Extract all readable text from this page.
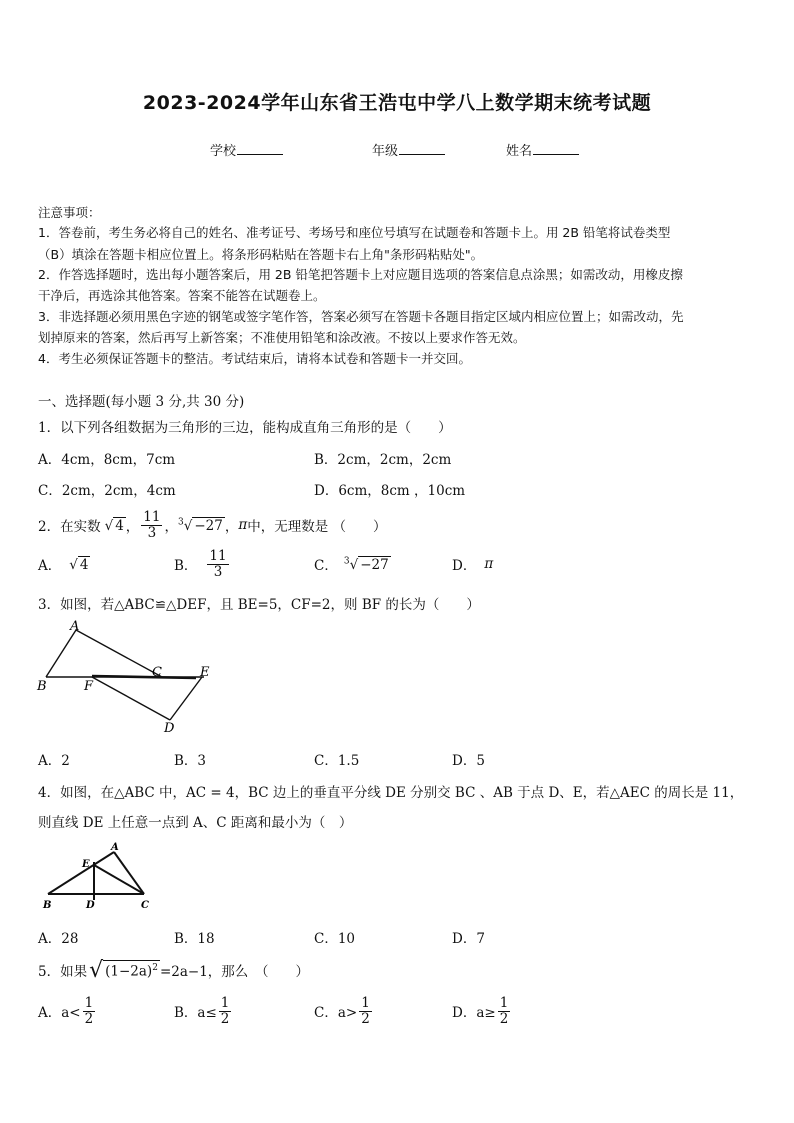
2023-2024学年山东省王浩屯中学八上数学期末统考试题
学校	年级	姓名
注意事项：
1．答卷前，考生务必将自己的姓名、准考证号、考场号和座位号填写在试题卷和答题卡上。用 2B 铅笔将试卷类型
（B）填涂在答题卡相应位置上。将条形码粘贴在答题卡右上角"条形码粘贴处"。
2．作答选择题时，选出每小题答案后，用 2B 铅笔把答题卡上对应题目选项的答案信息点涂黑；如需改动，用橡皮擦
干净后，再选涂其他答案。答案不能答在试题卷上。
3．非选择题必须用黑色字迹的钢笔或签字笔作答，答案必须写在答题卡各题目指定区域内相应位置上；如需改动，先
划掉原来的答案，然后再写上新答案；不准使用铅笔和涂改液。不按以上要求作答无效。
4．考生必须保证答题卡的整洁。考试结束后，请将本试卷和答题卡一并交回。
一、选择题(每小题 3 分,共 30 分)
1．以下列各组数据为三角形的三边，能构成直角三角形的是（　　）
A．4cm，8cm，7cm	B．2cm，2cm，2cm
C．2cm，2cm，4cm	D．6cm，8cm ，10cm
2．在实数 √ 4 ， $\frac{11}{3}$ ， $^3$√ −27 ， π 中，无理数是 （　　）
A． √ 4	B． $\frac{11}{3}$	C． $^3$√ −27	D． π
3．如图，若△ABC≌△DEF，且 BE=5，CF=2，则 BF 的长为（　　）
A
B
C
F
E
D
A．2	B．3	C．1.5	D．5
4．如图，在△ABC 中，AC = 4，BC 边上的垂直平分线 DE 分别交 BC 、AB 于点 D、E，若△AEC 的周长是 11，
则直线 DE 上任意一点到 A、C 距离和最小为（　）
A
E
B	D	C
A．28	B．18	C．10	D．7
5．如果 √ $(1-2a)^2 =2a-1$，那么　（　　）
A．$a< \frac{1}{2}$	B．$a\le \frac{1}{2}$	C．$a> \frac{1}{2}$	D．$a\ge \frac{1}{2}$
